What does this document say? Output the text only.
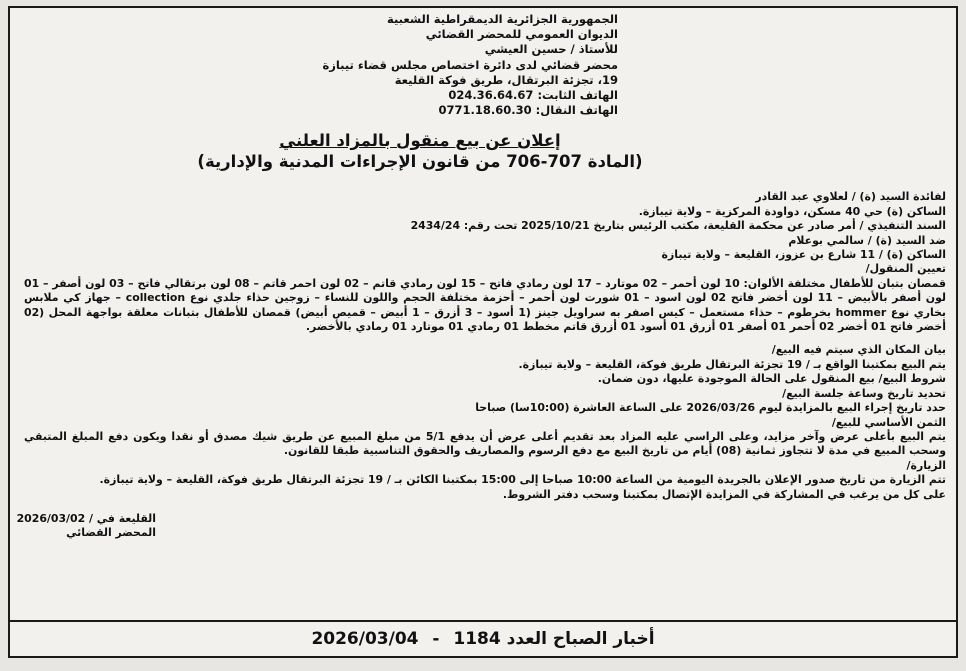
الجمهورية الجزائرية الديمقراطية الشعبية
الديوان العمومي للمحضر القضائي
للأستاذ / حسين العيشي
محضر قضائي لدى دائرة اختصاص مجلس قضاء تيبازة
19، تجزئة البرتقال، طريق فوكة القليعة
الهاتف الثابت: 024.36.64.67
الهاتف النقال: 0771.18.60.30
إعلان عن بيع منقول بالمزاد العلني
(المادة 707-706 من قانون الإجراءات المدنية والإدارية)

لفائدة السيد (ة) / لعلاوي عبد القادر

الساكن (ة) حي 40 مسكن، دواودة المركزية – ولاية تيبازة.

السند التنفيذي / أمر صادر عن محكمة القليعة، مكتب الرئيس بتاريخ 2025/10/21 تحت رقم: 2434/24

ضد السيد (ة) / سالمي بوعلام

الساكن (ة) / 11 شارع بن عزوز، القليعة – ولاية تيبازة

تعيين المنقول/

قمصان بتبان للأطفال مختلفة الألوان: 10 لون أحمر – 02 موتارد – 17 لون رمادي فاتح – 15 لون رمادي قاتم – 02 لون احمر قاتم – 08 لون برتقالي فاتح – 03 لون أصفر – 01 لون أصفر بالأبيض – 11 لون أخضر فاتح 02 لون اسود – 01 شورت لون أحمر – أحزمة مختلفة الحجم واللون للنساء – زوجين حذاء جلدي نوع collection – جهاز كي ملابس بخاري نوع hommer بخرطوم – حذاء مستعمل – كيس اصفر به سراويل جينز (1 أسود – 3 أزرق – 1 أبيض – قميص أبيض) قمصان للأطفال بتبانات معلقة بواجهة المحل (02 أخضر فاتح 01 أخضر 02 أحمر 01 أصفر 01 أزرق 01 أسود 01 أزرق قاتم مخطط 01 رمادي 01 موتارد 01 رمادي بالأخضر.

بيان المكان الذي سيتم فيه البيع/

يتم البيع بمكتبنا الواقع بـ / 19 تجزئة البرتقال طريق فوكة، القليعة – ولاية تيبازة.

شروط البيع/ بيع المنقول على الحالة الموجودة عليها، دون ضمان.

تحديد تاريخ وساعة جلسة البيع/

حدد تاريخ إجراء البيع بالمزايدة ليوم 2026/03/26 على الساعة العاشرة (10:00سا) صباحا

الثمن الأساسي للبيع/

يتم البيع بأعلى عرض وآخر مزايد، وعلى الراسي عليه المزاد بعد تقديم أعلى عرض أن يدفع 5/1 من مبلغ المبيع عن طريق شيك مصدق أو نقدا ويكون دفع المبلغ المتبقي وسحب المبيع في مدة لا تتجاوز ثمانية (08) أيام من تاريخ البيع مع دفع الرسوم والمصاريف والحقوق التناسبية طبقا للقانون.

الزيارة/

تتم الزيارة من تاريخ صدور الإعلان بالجريدة اليومية من الساعة 10:00 صباحا إلى 15:00 بمكتبنا الكائن بـ / 19 تجزئة البرتقال طريق فوكة، القليعة – ولاية تيبازة.

على كل من يرغب في المشاركة في المزايدة الإتصال بمكتبنا وسحب دفتر الشروط.

القليعة في / 2026/03/02
المحضر القضائي
أخبار الصباح العدد 1184 - 2026/03/04
